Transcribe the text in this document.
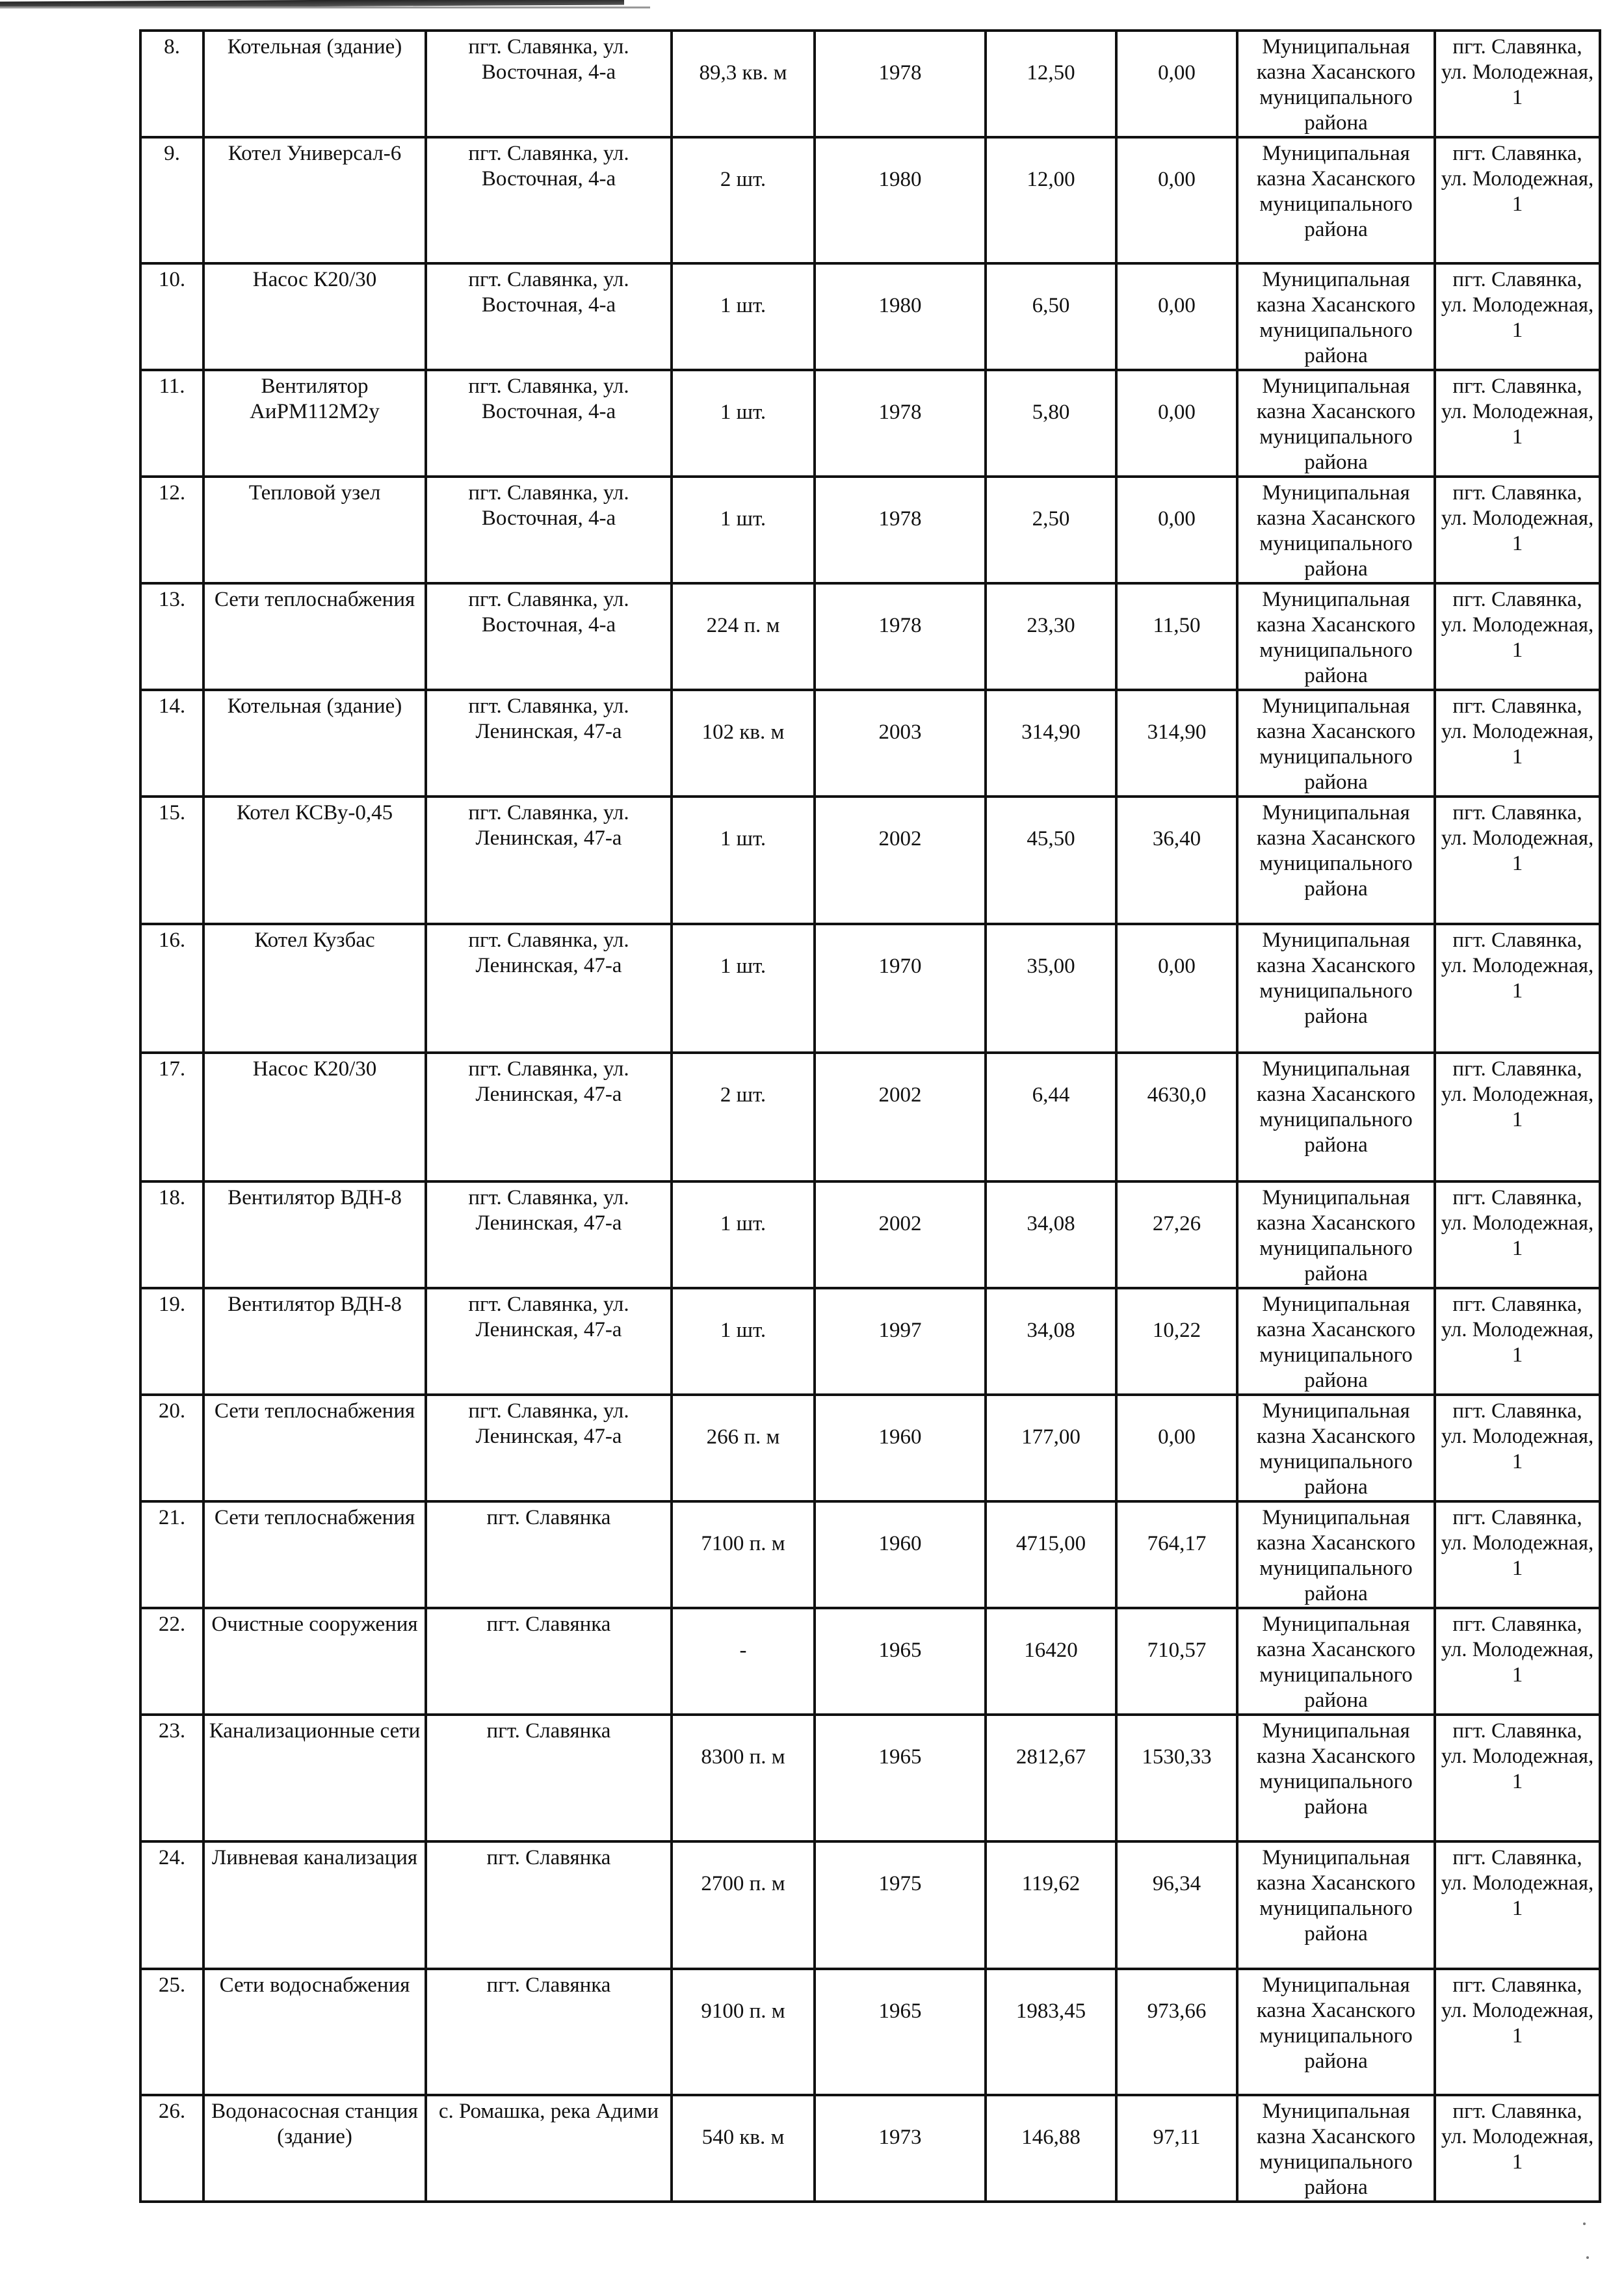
8.	Котельная (здание)	пгт. Славянка, ул. Восточная, 4-а	89,3 кв. м	1978	12,50	0,00	Муниципальная казна Хасанского муниципального района	пгт. Славянка, ул. Молодежная, 1
9.	Котел Универсал-6	пгт. Славянка, ул. Восточная, 4-а	2 шт.	1980	12,00	0,00	Муниципальная казна Хасанского муниципального района	пгт. Славянка, ул. Молодежная, 1
10.	Насос К20/30	пгт. Славянка, ул. Восточная, 4-а	1 шт.	1980	6,50	0,00	Муниципальная казна Хасанского муниципального района	пгт. Славянка, ул. Молодежная, 1
11.	Вентилятор АиРМ112М2у	пгт. Славянка, ул. Восточная, 4-а	1 шт.	1978	5,80	0,00	Муниципальная казна Хасанского муниципального района	пгт. Славянка, ул. Молодежная, 1
12.	Тепловой узел	пгт. Славянка, ул. Восточная, 4-а	1 шт.	1978	2,50	0,00	Муниципальная казна Хасанского муниципального района	пгт. Славянка, ул. Молодежная, 1
13.	Сети теплоснабжения	пгт. Славянка, ул. Восточная, 4-а	224 п. м	1978	23,30	11,50	Муниципальная казна Хасанского муниципального района	пгт. Славянка, ул. Молодежная, 1
14.	Котельная (здание)	пгт. Славянка, ул. Ленинская, 47-а	102 кв. м	2003	314,90	314,90	Муниципальная казна Хасанского муниципального района	пгт. Славянка, ул. Молодежная, 1
15.	Котел КСВу-0,45	пгт. Славянка, ул. Ленинская, 47-а	1 шт.	2002	45,50	36,40	Муниципальная казна Хасанского муниципального района	пгт. Славянка, ул. Молодежная, 1
16.	Котел Кузбас	пгт. Славянка, ул. Ленинская, 47-а	1 шт.	1970	35,00	0,00	Муниципальная казна Хасанского муниципального района	пгт. Славянка, ул. Молодежная, 1
17.	Насос К20/30	пгт. Славянка, ул. Ленинская, 47-а	2 шт.	2002	6,44	4630,0	Муниципальная казна Хасанского муниципального района	пгт. Славянка, ул. Молодежная, 1
18.	Вентилятор ВДН-8	пгт. Славянка, ул. Ленинская, 47-а	1 шт.	2002	34,08	27,26	Муниципальная казна Хасанского муниципального района	пгт. Славянка, ул. Молодежная, 1
19.	Вентилятор ВДН-8	пгт. Славянка, ул. Ленинская, 47-а	1 шт.	1997	34,08	10,22	Муниципальная казна Хасанского муниципального района	пгт. Славянка, ул. Молодежная, 1
20.	Сети теплоснабжения	пгт. Славянка, ул. Ленинская, 47-а	266 п. м	1960	177,00	0,00	Муниципальная казна Хасанского муниципального района	пгт. Славянка, ул. Молодежная, 1
21.	Сети теплоснабжения	пгт. Славянка	7100 п. м	1960	4715,00	764,17	Муниципальная казна Хасанского муниципального района	пгт. Славянка, ул. Молодежная, 1
22.	Очистные сооружения	пгт. Славянка	-	1965	16420	710,57	Муниципальная казна Хасанского муниципального района	пгт. Славянка, ул. Молодежная, 1
23.	Канализационные сети	пгт. Славянка	8300 п. м	1965	2812,67	1530,33	Муниципальная казна Хасанского муниципального района	пгт. Славянка, ул. Молодежная, 1
24.	Ливневая канализация	пгт. Славянка	2700 п. м	1975	119,62	96,34	Муниципальная казна Хасанского муниципального района	пгт. Славянка, ул. Молодежная, 1
25.	Сети водоснабжения	пгт. Славянка	9100 п. м	1965	1983,45	973,66	Муниципальная казна Хасанского муниципального района	пгт. Славянка, ул. Молодежная, 1
26.	Водонасосная станция (здание)	с. Ромашка, река Адими	540 кв. м	1973	146,88	97,11	Муниципальная казна Хасанского муниципального района	пгт. Славянка, ул. Молодежная, 1
